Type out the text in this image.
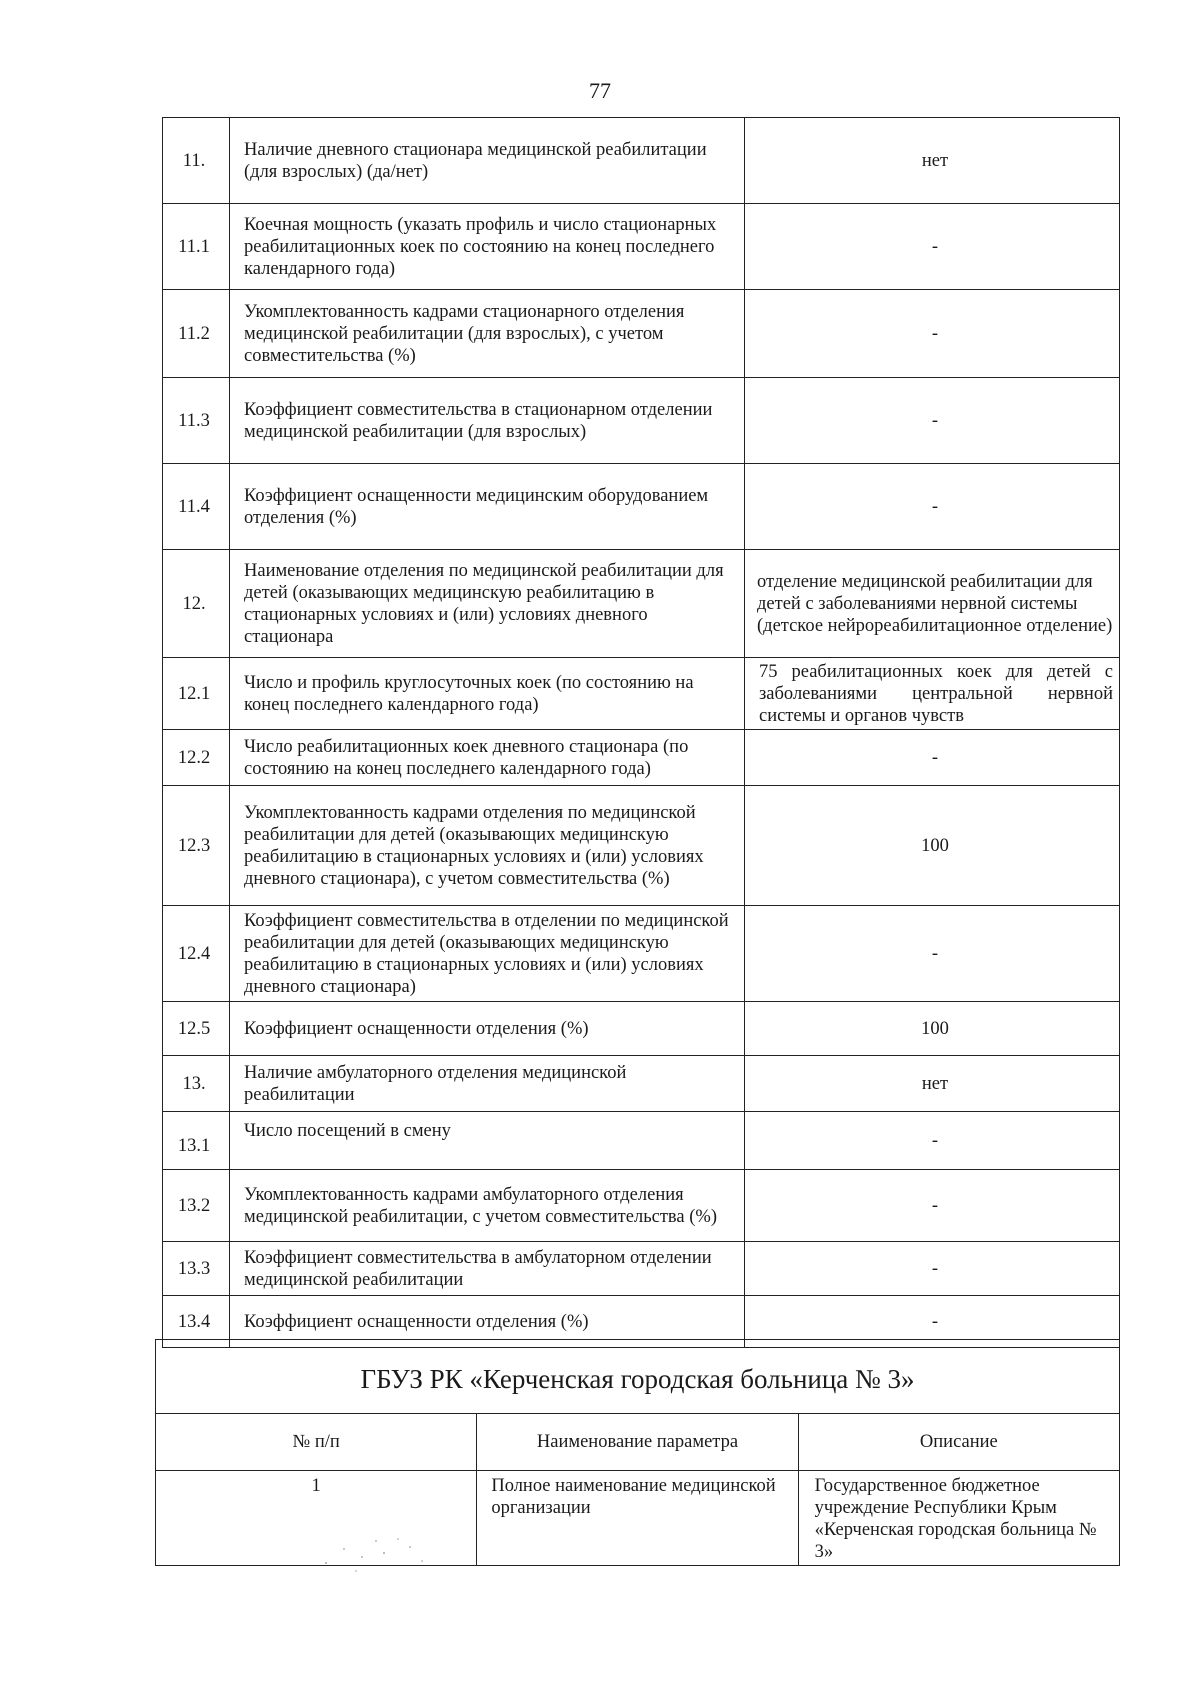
77
11.	Наличие дневного стационара медицинской реабилитации (для взрослых) (да/нет)	нет
11.1	Коечная мощность (указать профиль и число стационарных реабилитационных коек по состоянию на конец последнего календарного года)	-
11.2	Укомплектованность кадрами стационарного отделения медицинской реабилитации (для взрослых), с учетом совместительства (%)	-
11.3	Коэффициент совместительства в стационарном отделении медицинской реабилитации (для взрослых)	-
11.4	Коэффициент оснащенности медицинским оборудованием отделения (%)	-
12.	Наименование отделения по медицинской реабилитации для детей (оказывающих медицинскую реабилитацию в стационарных условиях и (или) условиях дневного стационара	отделение медицинской реабилитации для детей с заболеваниями нервной системы (детское нейрореабилитационное отделение)
12.1	Число и профиль круглосуточных коек (по состоянию на конец последнего календарного года)	75 реабилитационных коек для детей с заболеваниями центральной нервной системы и органов чувств
12.2	Число реабилитационных коек дневного стационара (по состоянию на конец последнего календарного года)	-
12.3	Укомплектованность кадрами отделения по медицинской реабилитации для детей (оказывающих медицинскую реабилитацию в стационарных условиях и (или) условиях дневного стационара), с учетом совместительства (%)	100
12.4	Коэффициент совместительства в отделении по медицинской реабилитации для детей (оказывающих медицинскую реабилитацию в стационарных условиях и (или) условиях дневного стационара)	-
12.5	Коэффициент оснащенности отделения (%)	100
13.	Наличие амбулаторного отделения медицинской реабилитации	нет
13.1	Число посещений в смену	-
13.2	Укомплектованность кадрами амбулаторного отделения медицинской реабилитации, с учетом совместительства (%)	-
13.3	Коэффициент совместительства в амбулаторном отделении медицинской реабилитации	-
13.4	Коэффициент оснащенности отделения (%)	-
ГБУЗ РК «Керченская городская больница № 3»		
№ п/п	Наименование параметра	Описание
1	Полное наименование медицинской организации	Государственное бюджетное учреждение Республики Крым «Керченская городская больница № 3»
